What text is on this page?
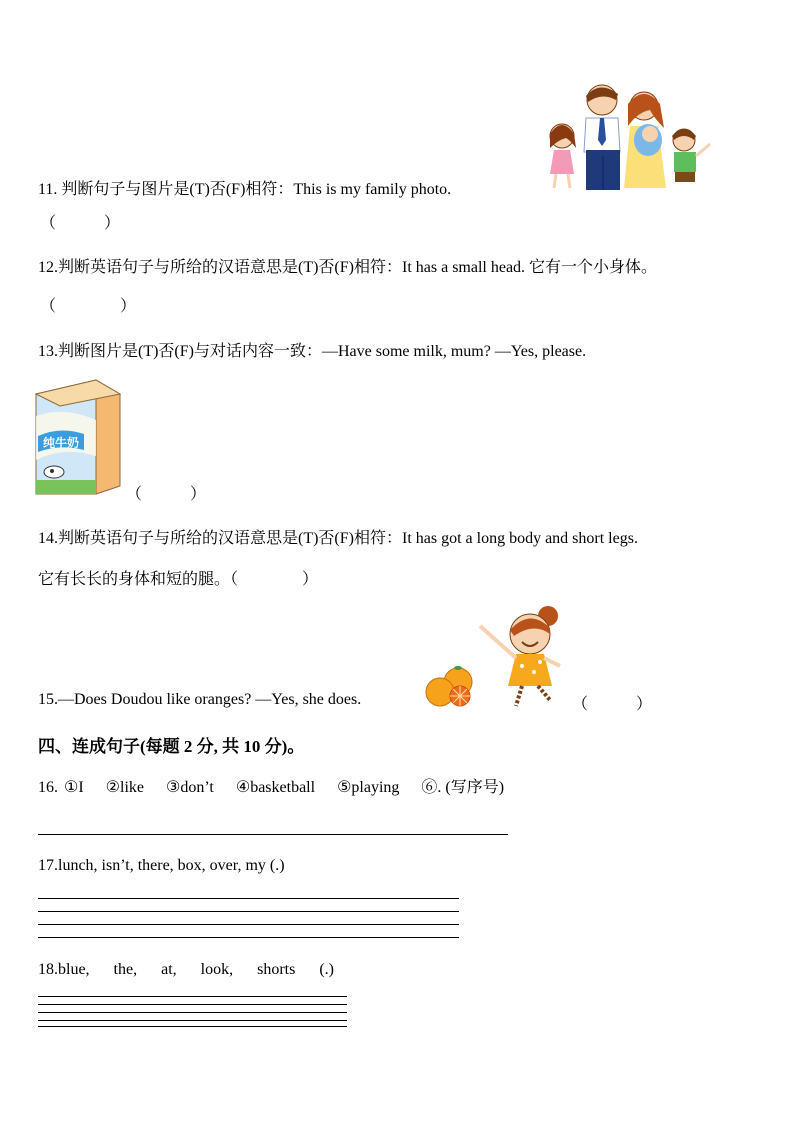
11. 判断句子与图片是(T)否(F)相符：This is my family photo.
（　　　）
12.判断英语句子与所给的汉语意思是(T)否(F)相符：It has a small head. 它有一个小身体。
（　　　　）
13.判断图片是(T)否(F)与对话内容一致：—Have some milk, mum? —Yes, please.
纯牛奶
（　　　）
14.判断英语句子与所给的汉语意思是(T)否(F)相符：It has got a long body and short legs.
它有长长的身体和短的腿。（　　　　）
15.—Does Doudou like oranges? —Yes, she does.	（　　　）
四、连成句子(每题 2 分, 共 10 分)。
16. ①I ②like ③don’t ④basketball ⑤playing ⑥. (写序号)
17.lunch, isn’t, there, box, over, my (.)
18.blue, the, at, look, shorts (.)
